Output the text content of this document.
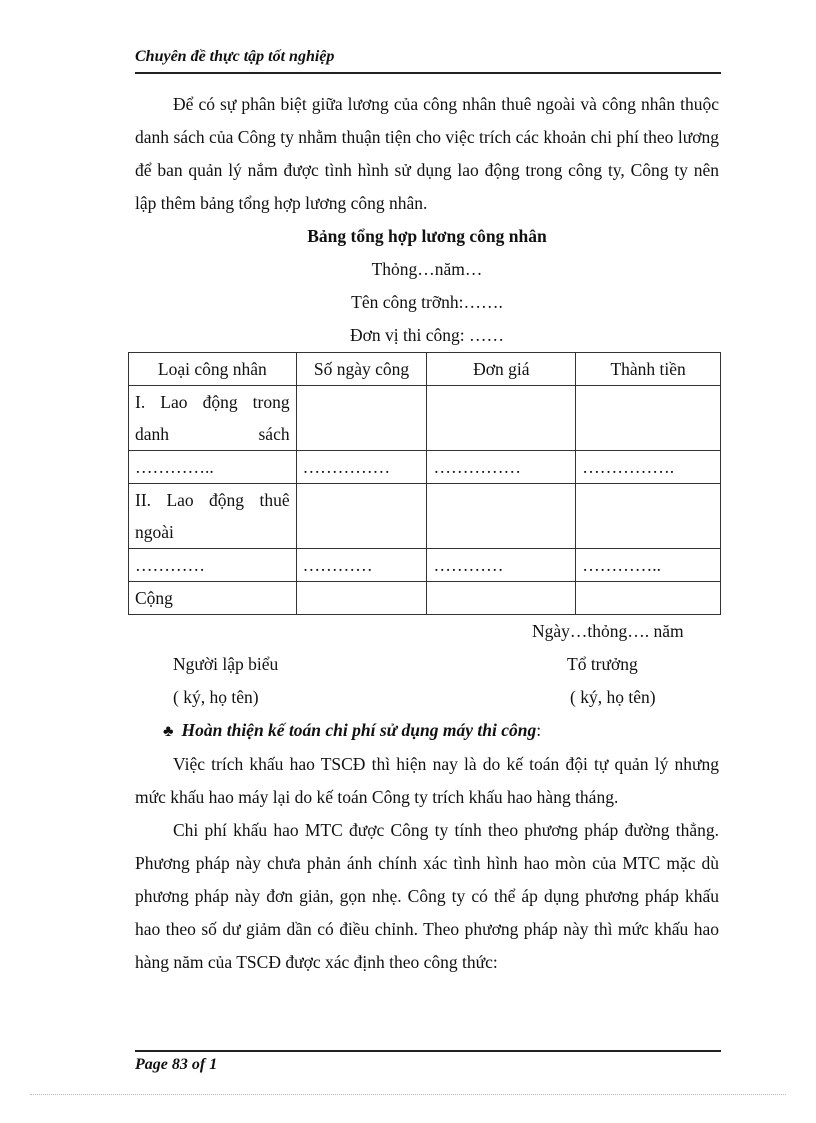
Chuyên đề thực tập tốt nghiệp

Để có sự phân biệt giữa lương của công nhân thuê ngoài và công nhân thuộc danh sách của Công ty nhằm thuận tiện cho việc trích các khoản chi phí theo lương để ban quản lý nắm được tình hình sử dụng lao động trong công ty, Công ty nên lập thêm bảng tổng hợp lương công nhân.

Bảng tổng hợp lương công nhân

Thỏng…năm…

Tên công trỡnh:…….

Đơn vị thi công: ……

Loại công nhân	Số ngày công	Đơn giá	Thành tiền
I. Lao động trong danh sách			
…………..	……………	……………	…………….
II. Lao động thuê ngoài			
…………	…………	…………	…………..
Cộng			
Ngày…thỏng…. năm
Người lập biểu
( ký, họ tên)
Tổ trưởng
( ký, họ tên)

♣ Hoàn thiện kế toán chi phí sử dụng máy thi công:

Việc trích khấu hao TSCĐ thì hiện nay là do kế toán đội tự quản lý nhưng mức khấu hao máy lại do kế toán Công ty trích khấu hao hàng tháng.

Chi phí khấu hao MTC được Công ty tính theo phương pháp đường thẳng. Phương pháp này chưa phản ánh chính xác tình hình hao mòn của MTC mặc dù phương pháp này đơn giản, gọn nhẹ. Công ty có thể áp dụng phương pháp khấu hao theo số dư giảm dần có điều chỉnh. Theo phương pháp này thì mức khấu hao hàng năm của TSCĐ được xác định theo công thức:

Page 83 of 1
